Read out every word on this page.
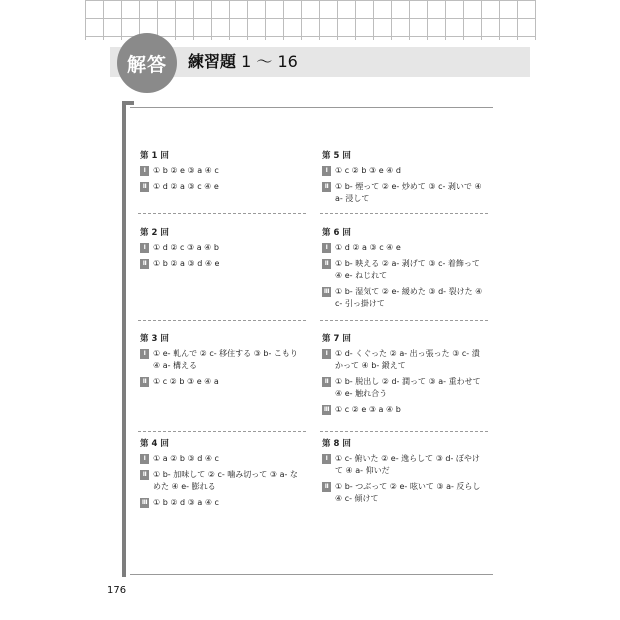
解答 練習題 1 〜 16
第 1 回
I ① b ② e ③ a ④ c
II ① d ② a ③ c ④ e
第 2 回
I ① d ② c ③ a ④ b
II ① b ② a ③ d ④ e
第 3 回
I ① e- 軋んで ② c- 移住する ③ b- こもり ④ a- 構える
II ① c ② b ③ e ④ a
第 4 回
I ① a ② b ③ d ④ c
II ① b- 加味して ② c- 噛み切って ③ a- なめた ④ e- 膨れる
III ① b ② d ③ a ④ c
第 5 回
I ① c ② b ③ e ④ d
II ① b- 煙って ② e- 炒めて ③ c- 剥いで ④ a- 浸して
第 6 回
I ① d ② a ③ c ④ e
II ① b- 映える ② a- 剥げて ③ c- 着飾って ④ e- ねじれて
III ① b- 湿気て ② e- 緩めた ③ d- 裂けた ④ c- 引っ掛けて
第 7 回
I ① d- くぐった ② a- 出っ張った ③ c- 潰かって ④ b- 鍛えて
II ① b- 脱出し ② d- 潤って ③ a- 重わせて ④ e- 触れ合う
III ① c ② e ③ a ④ b
第 8 回
I ① c- 俯いた ② e- 逸らして ③ d- ぼやけて ④ a- 仰いだ
II ① b- つぶって ② e- 呟いて ③ a- 反らし ④ c- 傾けて
176
